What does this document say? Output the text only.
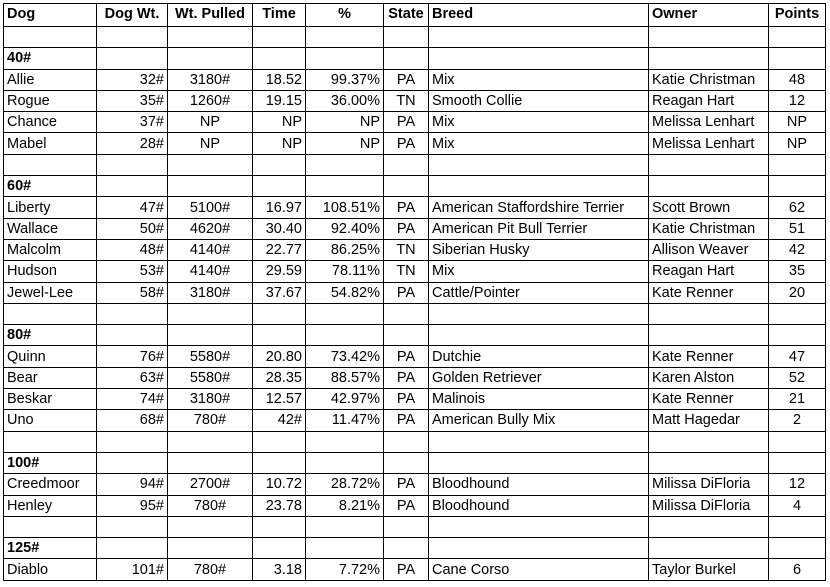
Dog	Dog Wt.	Wt. Pulled	Time	%	State	Breed	Owner	Points

40#								
Allie	32#	3180#	18.52	99.37%	PA	Mix	Katie Christman	48
Rogue	35#	1260#	19.15	36.00%	TN	Smooth Collie	Reagan Hart	12
Chance	37#	NP	NP	NP	PA	Mix	Melissa Lenhart	NP
Mabel	28#	NP	NP	NP	PA	Mix	Melissa Lenhart	NP

60#								
Liberty	47#	5100#	16.97	108.51%	PA	American Staffordshire Terrier	Scott Brown	62
Wallace	50#	4620#	30.40	92.40%	PA	American Pit Bull Terrier	Katie Christman	51
Malcolm	48#	4140#	22.77	86.25%	TN	Siberian Husky	Allison Weaver	42
Hudson	53#	4140#	29.59	78.11%	TN	Mix	Reagan Hart	35
Jewel-Lee	58#	3180#	37.67	54.82%	PA	Cattle/Pointer	Kate Renner	20

80#								
Quinn	76#	5580#	20.80	73.42%	PA	Dutchie	Kate Renner	47
Bear	63#	5580#	28.35	88.57%	PA	Golden Retriever	Karen Alston	52
Beskar	74#	3180#	12.57	42.97%	PA	Malinois	Kate Renner	21
Uno	68#	780#	42#	11.47%	PA	American Bully Mix	Matt Hagedar	2

100#								
Creedmoor	94#	2700#	10.72	28.72%	PA	Bloodhound	Milissa DiFloria	12
Henley	95#	780#	23.78	8.21%	PA	Bloodhound	Milissa DiFloria	4

125#								
Diablo	101#	780#	3.18	7.72%	PA	Cane Corso	Taylor Burkel	6
